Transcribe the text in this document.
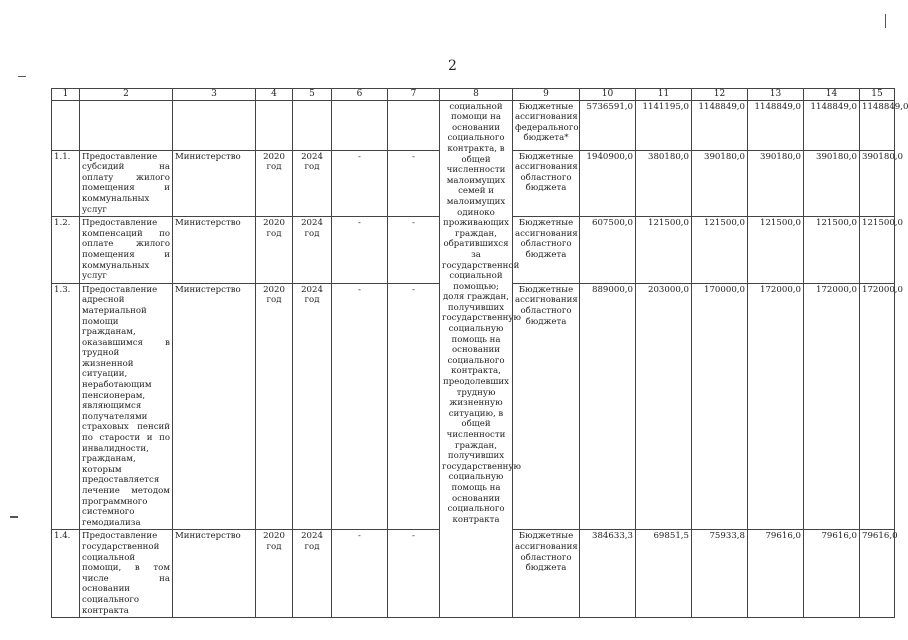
2
1	2	3	4	5	6	7	8	9	10	11	12	13	14	15
							социальной помощи на основании социального контракта, в общей численности малоимущих семей и малоимущих одиноко проживающих граждан, обратившихся за государственной социальной помощью; доля граждан, получивших государственную социальную помощь на основании социального контракта, преодолевших трудную жизненную ситуацию, в общей численности граждан, получивших государственную социальную помощь на основании социального контракта	Бюджетные ассигнования федерального бюджета*	5736591,0	1141195,0	1148849,0	1148849,0	1148849,0	1148849,0
1.1.	Предоставление субсидий на оплату жилого помещения и коммунальных услуг	Министерство	2020 год	2024 год	-	-		Бюджетные ассигнования областного бюджета	1940900,0	380180,0	390180,0	390180,0	390180,0	390180,0
1.2.	Предоставление компенсаций по оплате жилого помещения и коммунальных услуг	Министерство	2020 год	2024 год	-	-		Бюджетные ассигнования областного бюджета	607500,0	121500,0	121500,0	121500,0	121500,0	121500,0
1.3.	Предоставление адресной материальной помощи гражданам, оказавшимся в трудной жизненной ситуации, неработающим пенсионерам, являющимся получателями страховых пенсий по старости и по инвалидности, гражданам, которым предоставляется лечение методом программного системного гемодиализа	Министерство	2020 год	2024 год	-	-		Бюджетные ассигнования областного бюджета	889000,0	203000,0	170000,0	172000,0	172000,0	172000,0
1.4.	Предоставление государственной социальной помощи, в том числе на основании социального контракта	Министерство	2020 год	2024 год	-	-		Бюджетные ассигнования областного бюджета	384633,3	69851,5	75933,8	79616,0	79616,0	79616,0
